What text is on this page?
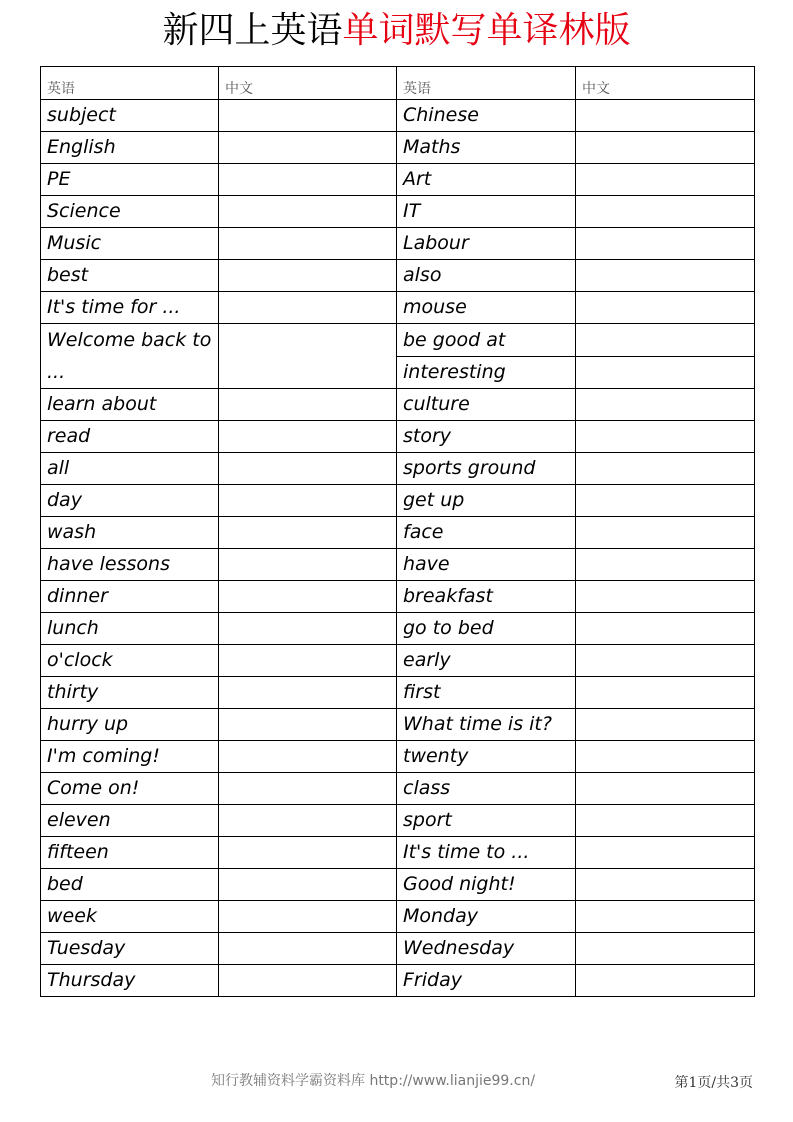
新四上英语单词默写单译林版
英语	中文	英语	中文
subject		Chinese	
English		Maths	
PE		Art	
Science		IT	
Music		Labour	
best		also	
It's time for ...		mouse	
Welcome back to ...		be good at	
		interesting	
learn about		culture	
read		story	
all		sports ground	
day		get up	
wash		face	
have lessons		have	
dinner		breakfast	
lunch		go to bed	
o'clock		early	
thirty		first	
hurry up		What time is it?	
I'm coming!		twenty	
Come on!		class	
eleven		sport	
fifteen		It's time to ...	
bed		Good night!	
week		Monday	
Tuesday		Wednesday	
Thursday		Friday	
知行教辅资料学霸资料库 http://www.lianjie99.cn/	第1页/共3页
